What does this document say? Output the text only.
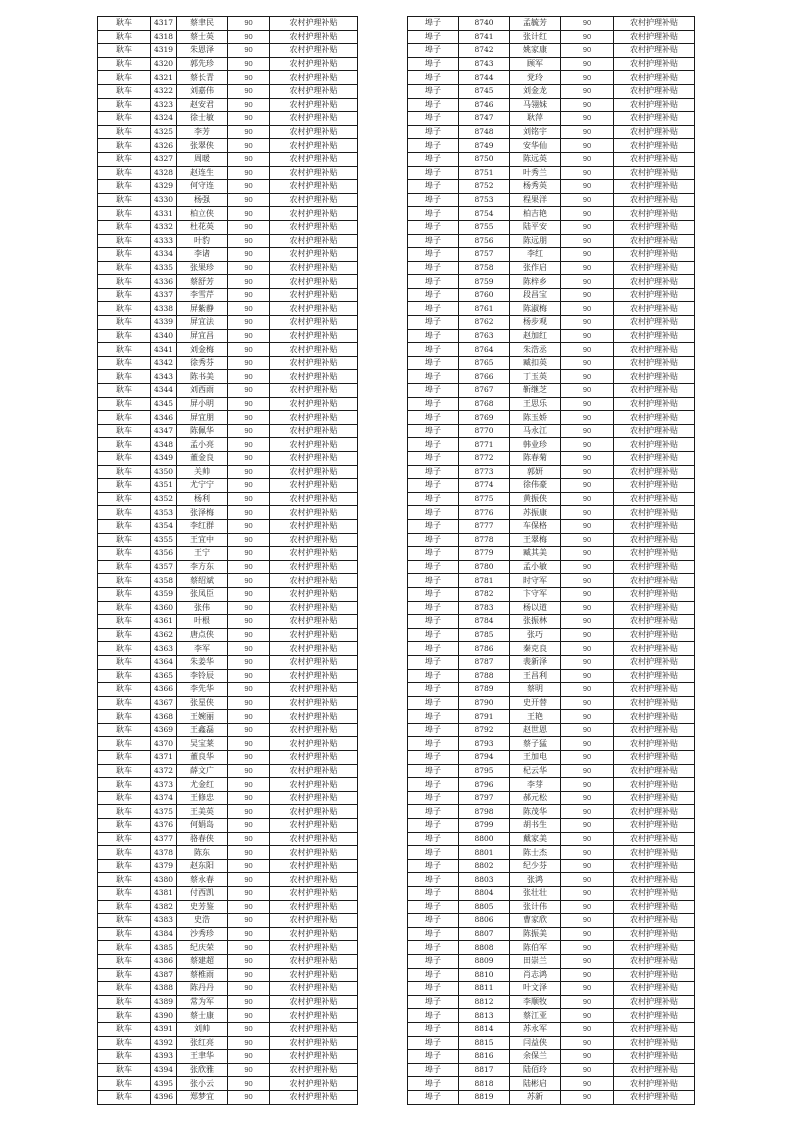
耿车	4317	蔡聿民	90	农村护理补贴
耿车	4318	蔡士英	90	农村护理补贴
耿车	4319	朱恩泽	90	农村护理补贴
耿车	4320	郭先珍	90	农村护理补贴
耿车	4321	蔡长青	90	农村护理补贴
耿车	4322	刘嘉伟	90	农村护理补贴
耿车	4323	赵安君	90	农村护理补贴
耿车	4324	徐士敏	90	农村护理补贴
耿车	4325	李芳	90	农村护理补贴
耿车	4326	张翠侠	90	农村护理补贴
耿车	4327	周暖	90	农村护理补贴
耿车	4328	赵连生	90	农村护理补贴
耿车	4329	何守连	90	农村护理补贴
耿车	4330	杨强	90	农村护理补贴
耿车	4331	柏立侠	90	农村护理补贴
耿车	4332	杜花英	90	农村护理补贴
耿车	4333	叶豹	90	农村护理补贴
耿车	4334	李诸	90	农村护理补贴
耿车	4335	张果珍	90	农村护理补贴
耿车	4336	蔡舒芳	90	农村护理补贴
耿车	4337	李雪芹	90	农村护理补贴
耿车	4338	屏紫静	90	农村护理补贴
耿车	4339	屏宜法	90	农村护理补贴
耿车	4340	屏宜昌	90	农村护理补贴
耿车	4341	刘金梅	90	农村护理补贴
耿车	4342	徐秀芬	90	农村护理补贴
耿车	4343	陈书美	90	农村护理补贴
耿车	4344	刘西雨	90	农村护理补贴
耿车	4345	屏小明	90	农村护理补贴
耿车	4346	屏宜朋	90	农村护理补贴
耿车	4347	陈佩华	90	农村护理补贴
耿车	4348	孟小亮	90	农村护理补贴
耿车	4349	董金良	90	农村护理补贴
耿车	4350	关帅	90	农村护理补贴
耿车	4351	尤宁宁	90	农村护理补贴
耿车	4352	杨利	90	农村护理补贴
耿车	4353	张泽梅	90	农村护理补贴
耿车	4354	李红群	90	农村护理补贴
耿车	4355	王宜中	90	农村护理补贴
耿车	4356	王宁	90	农村护理补贴
耿车	4357	李方东	90	农村护理补贴
耿车	4358	蔡绍斌	90	农村护理补贴
耿车	4359	张凤臣	90	农村护理补贴
耿车	4360	张伟	90	农村护理补贴
耿车	4361	叶根	90	农村护理补贴
耿车	4362	唐点侠	90	农村护理补贴
耿车	4363	李军	90	农村护理补贴
耿车	4364	朱姜华	90	农村护理补贴
耿车	4365	李铃辰	90	农村护理补贴
耿车	4366	李先华	90	农村护理补贴
耿车	4367	张星侠	90	农村护理补贴
耿车	4368	王婉丽	90	农村护理补贴
耿车	4369	王鑫磊	90	农村护理补贴
耿车	4370	吴宝莱	90	农村护理补贴
耿车	4371	董良华	90	农村护理补贴
耿车	4372	薛文广	90	农村护理补贴
耿车	4373	尤金红	90	农村护理补贴
耿车	4374	王修忠	90	农村护理补贴
耿车	4375	王美英	90	农村护理补贴
耿车	4376	何娟岛	90	农村护理补贴
耿车	4377	骆春侠	90	农村护理补贴
耿车	4378	陈东	90	农村护理补贴
耿车	4379	赵东阳	90	农村护理补贴
耿车	4380	蔡永春	90	农村护理补贴
耿车	4381	付西凯	90	农村护理补贴
耿车	4382	史芳鉴	90	农村护理补贴
耿车	4383	史浩	90	农村护理补贴
耿车	4384	沙秀珍	90	农村护理补贴
耿车	4385	纪庆荣	90	农村护理补贴
耿车	4386	蔡建超	90	农村护理补贴
耿车	4387	蔡椎雨	90	农村护理补贴
耿车	4388	陈丹丹	90	农村护理补贴
耿车	4389	常为军	90	农村护理补贴
耿车	4390	蔡士康	90	农村护理补贴
耿车	4391	刘帅	90	农村护理补贴
耿车	4392	张红亮	90	农村护理补贴
耿车	4393	王聿华	90	农村护理补贴
耿车	4394	张欣雅	90	农村护理补贴
耿车	4395	张小云	90	农村护理补贴
耿车	4396	郑梦宜	90	农村护理补贴
埠子	8740	孟毓芳	90	农村护理补贴
埠子	8741	张计红	90	农村护理补贴
埠子	8742	姚家康	90	农村护理补贴
埠子	8743	顾军	90	农村护理补贴
埠子	8744	党玲	90	农村护理补贴
埠子	8745	刘金龙	90	农村护理补贴
埠子	8746	马翎妹	90	农村护理补贴
埠子	8747	耿萍	90	农村护理补贴
埠子	8748	刘铭宇	90	农村护理补贴
埠子	8749	安华仙	90	农村护理补贴
埠子	8750	陈远英	90	农村护理补贴
埠子	8751	叶秀兰	90	农村护理补贴
埠子	8752	杨秀英	90	农村护理补贴
埠子	8753	程果洋	90	农村护理补贴
埠子	8754	柏吉艳	90	农村护理补贴
埠子	8755	陆平安	90	农村护理补贴
埠子	8756	陈远朋	90	农村护理补贴
埠子	8757	李红	90	农村护理补贴
埠子	8758	张作启	90	农村护理补贴
埠子	8759	陈梓乡	90	农村护理补贴
埠子	8760	段昌宝	90	农村护理补贴
埠子	8761	陈淑梅	90	农村护理补贴
埠子	8762	杨步观	90	农村护理补贴
埠子	8763	赵加红	90	农村护理补贴
埠子	8764	朱浩丞	90	农村护理补贴
埠子	8765	臧扣英	90	农村护理补贴
埠子	8766	丁玉英	90	农村护理补贴
埠子	8767	靳继芝	90	农村护理补贴
埠子	8768	王思乐	90	农村护理补贴
埠子	8769	陈玉娇	90	农村护理补贴
埠子	8770	马永江	90	农村护理补贴
埠子	8771	韩业珍	90	农村护理补贴
埠子	8772	陈春菊	90	农村护理补贴
埠子	8773	郭妍	90	农村护理补贴
埠子	8774	徐伟豪	90	农村护理补贴
埠子	8775	黄振侠	90	农村护理补贴
埠子	8776	苏振康	90	农村护理补贴
埠子	8777	车保格	90	农村护理补贴
埠子	8778	王翠梅	90	农村护理补贴
埠子	8779	臧其美	90	农村护理补贴
埠子	8780	孟小敏	90	农村护理补贴
埠子	8781	时守军	90	农村护理补贴
埠子	8782	卞守军	90	农村护理补贴
埠子	8783	杨以道	90	农村护理补贴
埠子	8784	张振林	90	农村护理补贴
埠子	8785	张巧	90	农村护理补贴
埠子	8786	秦克良	90	农村护理补贴
埠子	8787	裴新泽	90	农村护理补贴
埠子	8788	王昌利	90	农村护理补贴
埠子	8789	蔡明	90	农村护理补贴
埠子	8790	史开替	90	农村护理补贴
埠子	8791	王艳	90	农村护理补贴
埠子	8792	赵世恩	90	农村护理补贴
埠子	8793	蔡子猛	90	农村护理补贴
埠子	8794	王加电	90	农村护理补贴
埠子	8795	杞云华	90	农村护理补贴
埠子	8796	李芽	90	农村护理补贴
埠子	8797	郝元松	90	农村护理补贴
埠子	8798	陈茂华	90	农村护理补贴
埠子	8799	胡书生	90	农村护理补贴
埠子	8800	戴家美	90	农村护理补贴
埠子	8801	陈士杰	90	农村护理补贴
埠子	8802	纪少芬	90	农村护理补贴
埠子	8803	张鸿	90	农村护理补贴
埠子	8804	张壮壮	90	农村护理补贴
埠子	8805	张计伟	90	农村护理补贴
埠子	8806	曹家欣	90	农村护理补贴
埠子	8807	陈振美	90	农村护理补贴
埠子	8808	陈伯军	90	农村护理补贴
埠子	8809	田崇兰	90	农村护理补贴
埠子	8810	肖志鸿	90	农村护理补贴
埠子	8811	叶文泽	90	农村护理补贴
埠子	8812	李顺牧	90	农村护理补贴
埠子	8813	蔡江亚	90	农村护理补贴
埠子	8814	苏永军	90	农村护理补贴
埠子	8815	闫益侠	90	农村护理补贴
埠子	8816	余保兰	90	农村护理补贴
埠子	8817	陆佰玲	90	农村护理补贴
埠子	8818	陆彬启	90	农村护理补贴
埠子	8819	苏新	90	农村护理补贴
